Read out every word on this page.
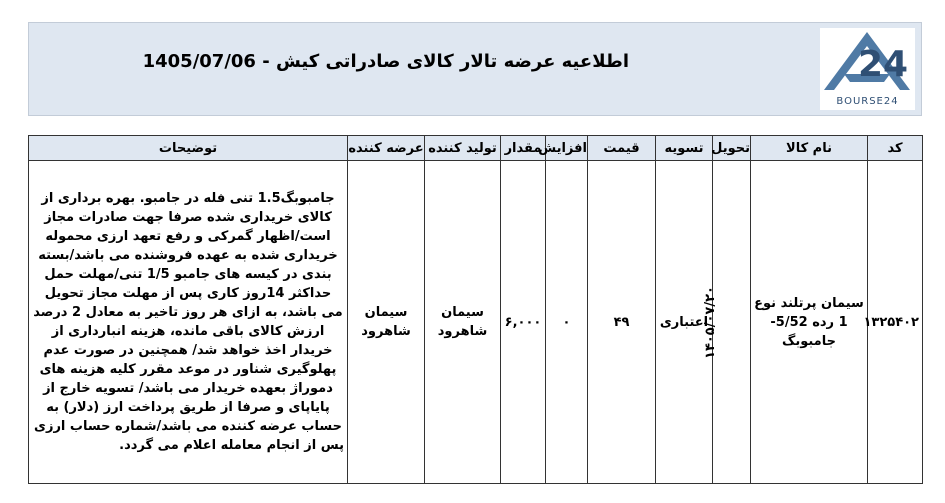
اطلاعیه عرضه تالار کالای صادراتی کیش - 1405/07/06	24
BOURSE24
کد	نام کالا	تحویل	تسویه	قیمت	افزایش	مقدار	تولید کننده	عرضه کننده	توضیحات
۱۳۲۵۴۰۲	سیمان پرتلند نوع 1 رده 5/52-جامبوبگ	۱۴۰۵/۰۷/۲۰	اعتباری	۴۹	۰	۶,۰۰۰	سیمان شاهرود	سیمان شاهرود	جامبوبگ1.5 تنی فله در جامبو. بهره برداری از کالای خریداری شده صرفا جهت صادرات مجاز است/اظهار گمرکی و رفع تعهد ارزی محموله خریداری شده به عهده فروشنده می باشد/بسته بندی در کیسه های جامبو 1/5 تنی/مهلت حمل حداکثر 14روز کاری پس از مهلت مجاز تحویل می باشد، به ازای هر روز تاخیر به معادل 2 درصد ارزش کالای باقی مانده، هزینه انبارداری از خریدار اخذ خواهد شد/ همچنین در صورت عدم پهلوگیری شناور در موعد مقرر کلیه هزینه های دموراژ بعهده خریدار می باشد/ تسویه خارج از پایاپای و صرفا از طریق پرداخت ارز (دلار) به حساب عرضه کننده می باشد/شماره حساب ارزی پس از انجام معامله اعلام می گردد.
